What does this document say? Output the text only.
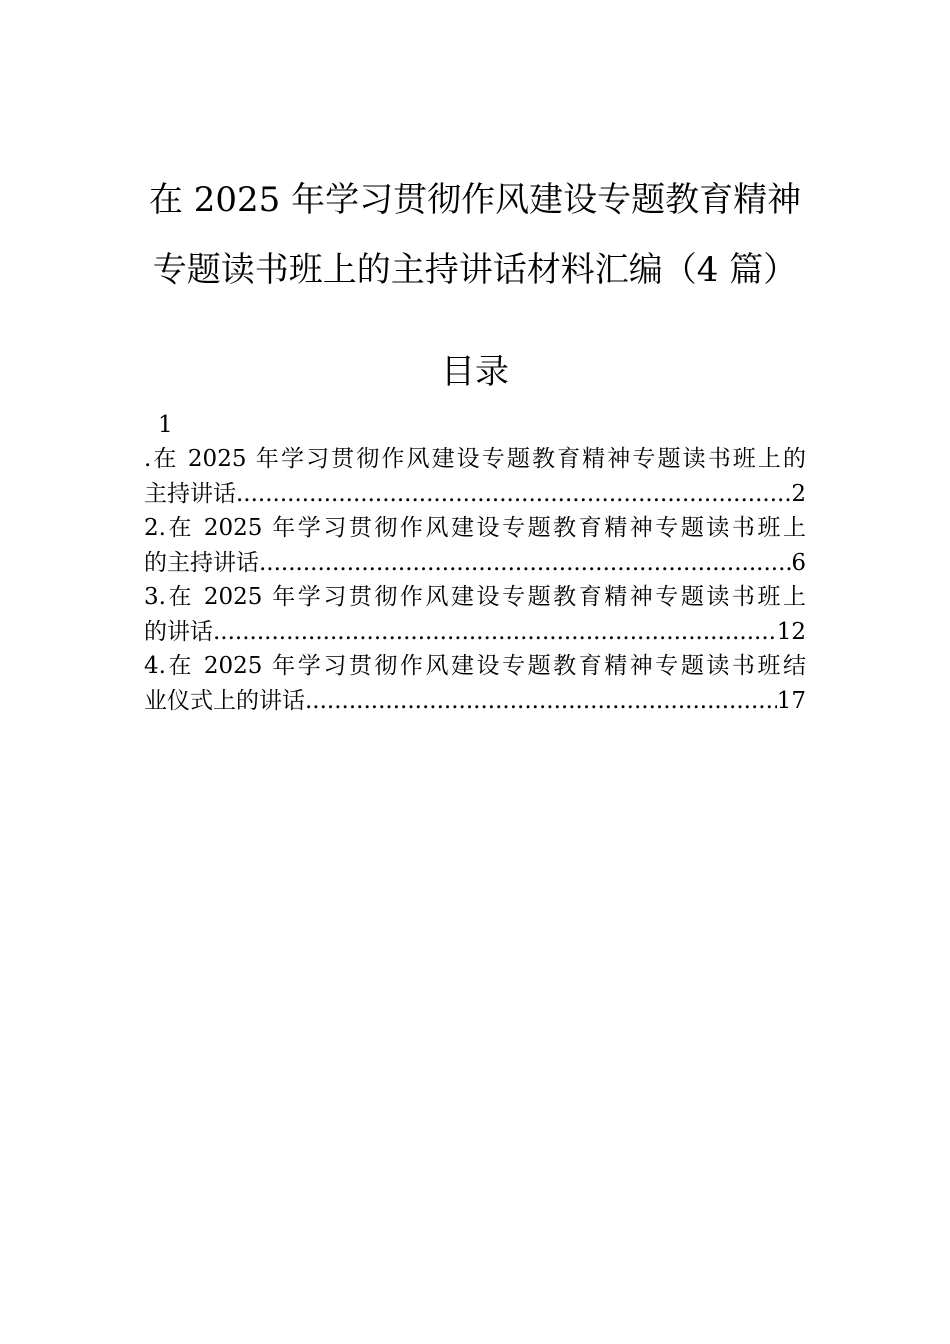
在 2025 年学习贯彻作风建设专题教育精神
专题读书班上的主持讲话材料汇编（4 篇）
目录
1
.在 2025 年学习贯彻作风建设专题教育精神专题读书班上的
主持讲话 .....	2
2.在 2025 年学习贯彻作风建设专题教育精神专题读书班上
的主持讲话 .....	6
3.在 2025 年学习贯彻作风建设专题教育精神专题读书班上
的讲话 .....	12
4.在 2025 年学习贯彻作风建设专题教育精神专题读书班结
业仪式上的讲话 .....	17
